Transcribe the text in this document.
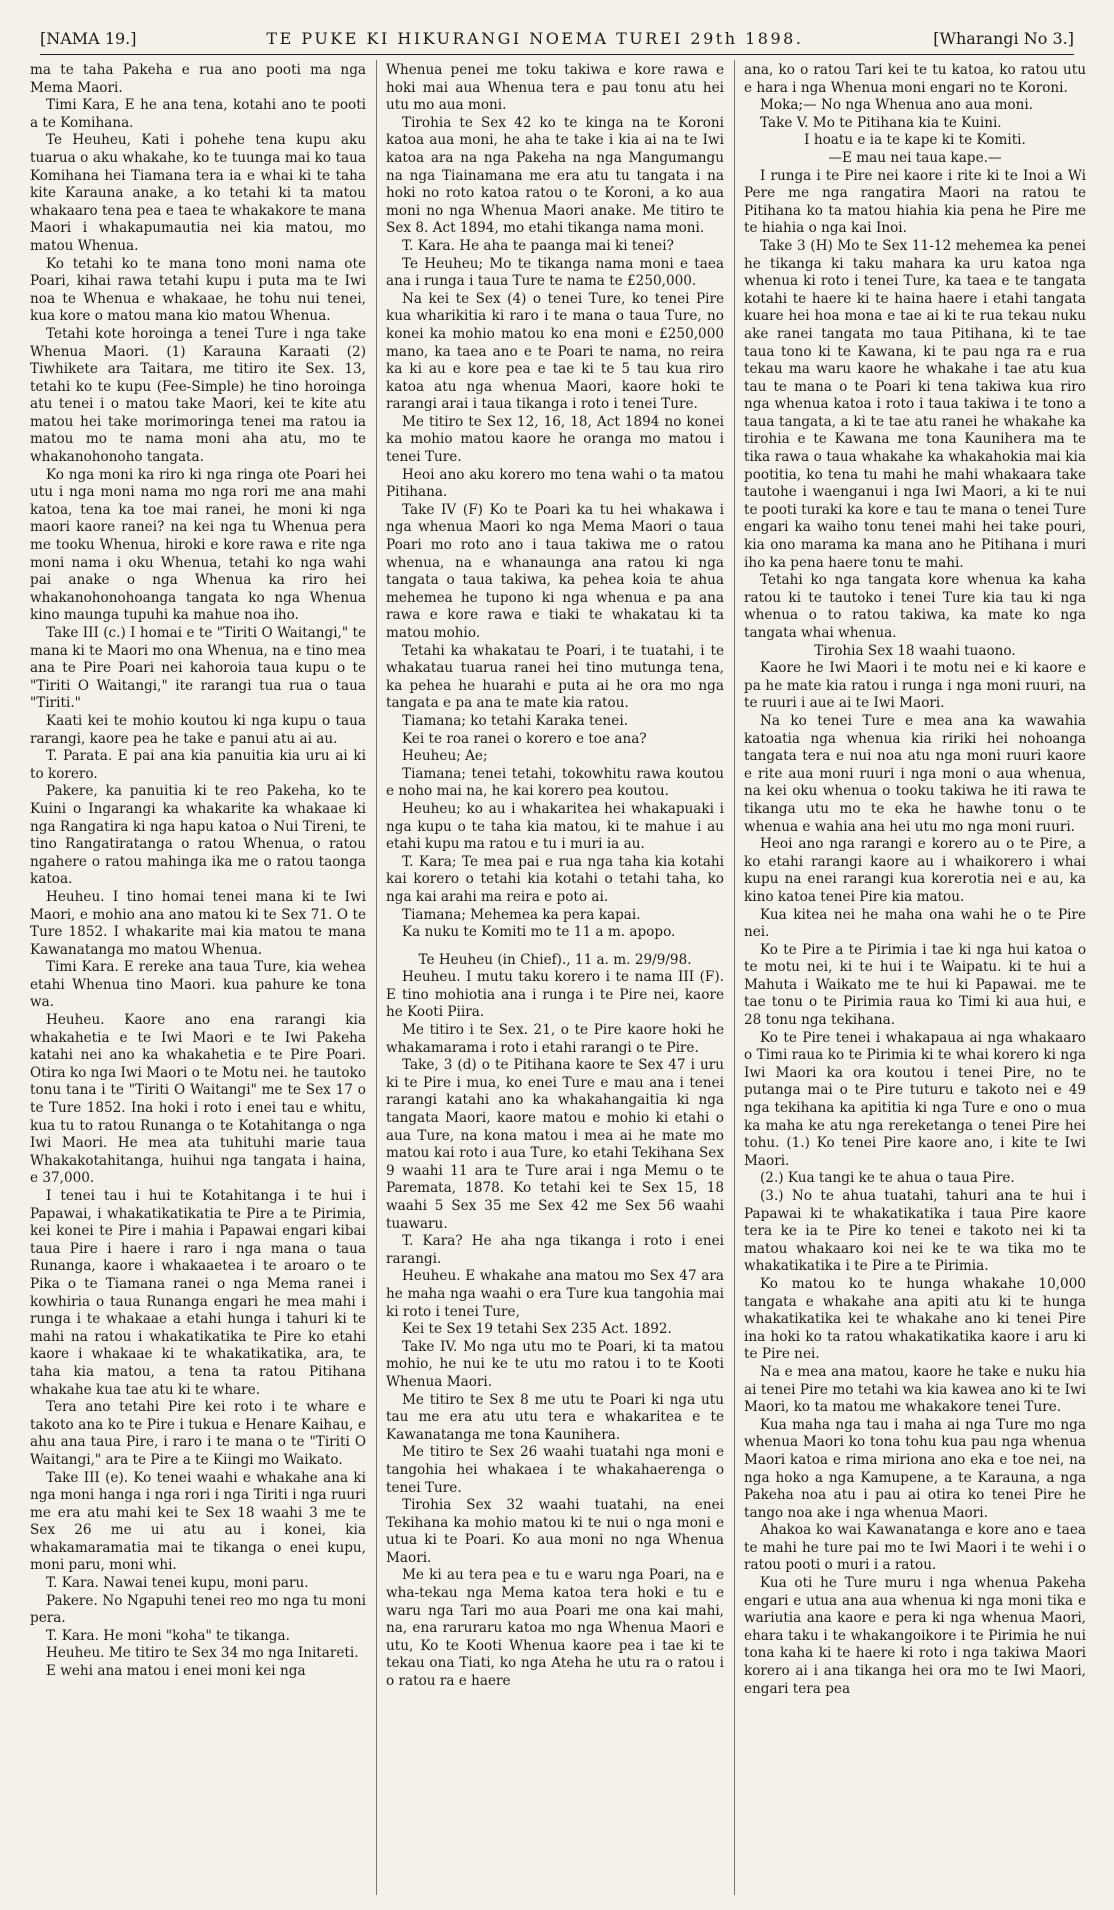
[NAMA 19.]	TE PUKE KI HIKURANGI NOEMA TUREI 29th 1898.	[Wharangi No 3.]

ma te taha Pakeha e rua ano pooti ma nga Mema Maori.

Timi Kara, E he ana tena, kotahi ano te pooti a te Komihana.

Te Heuheu, Kati i pohehe tena kupu aku tuarua o aku whakahe, ko te tuunga mai ko taua Komihana hei Tiamana tera ia e whai ki te taha kite Karauna anake, a ko tetahi ki ta matou whakaaro tena pea e taea te whakakore te mana Maori i whakapumautia nei kia matou, mo matou Whenua.

Ko tetahi ko te mana tono moni nama ote Poari, kihai rawa tetahi kupu i puta ma te Iwi noa te Whenua e whakaae, he tohu nui tenei, kua kore o matou mana kio matou Whenua.

Tetahi kote horoinga a tenei Ture i nga take Whenua Maori. (1) Karauna Karaati (2) Tiwhikete ara Taitara, me titiro ite Sex. 13, tetahi ko te kupu (Fee-Simple) he tino horoinga atu tenei i o matou take Maori, kei te kite atu matou hei take morimoringa tenei ma ratou ia matou mo te nama moni aha atu, mo te whakanohonoho tangata.

Ko nga moni ka riro ki nga ringa ote Poari hei utu i nga moni nama mo nga rori me ana mahi katoa, tena ka toe mai ranei, he moni ki nga maori kaore ranei? na kei nga tu Whenua pera me tooku Whenua, hiroki e kore rawa e rite nga moni nama i oku Whenua, tetahi ko nga wahi pai anake o nga Whenua ka riro hei whakanohonohoanga tangata ko nga Whenua kino maunga tupuhi ka mahue noa iho.

Take III (c.) I homai e te "Tiriti O Waitangi," te mana ki te Maori mo ona Whenua, na e tino mea ana te Pire Poari nei kahoroia taua kupu o te "Tiriti O Waitangi," ite rarangi tua rua o taua "Tiriti."

Kaati kei te mohio koutou ki nga kupu o taua rarangi, kaore pea he take e panui atu ai au.

T. Parata. E pai ana kia panuitia kia uru ai ki to korero.

Pakere, ka panuitia ki te reo Pakeha, ko te Kuini o Ingarangi ka whakarite ka whakaae ki nga Rangatira ki nga hapu katoa o Nui Tireni, te tino Rangatiratanga o ratou Whenua, o ratou ngahere o ratou mahinga ika me o ratou taonga katoa.

Heuheu. I tino homai tenei mana ki te Iwi Maori, e mohio ana ano matou ki te Sex 71. O te Ture 1852. I whakarite mai kia matou te mana Kawanatanga mo matou Whenua.

Timi Kara. E rereke ana taua Ture, kia wehea etahi Whenua tino Maori. kua pahure ke tona wa.

Heuheu. Kaore ano ena rarangi kia whakahetia e te Iwi Maori e te Iwi Pakeha katahi nei ano ka whakahetia e te Pire Poari. Otira ko nga Iwi Maori o te Motu nei. he tautoko tonu tana i te "Tiriti O Waitangi" me te Sex 17 o te Ture 1852. Ina hoki i roto i enei tau e whitu, kua tu to ratou Runanga o te Kotahitanga o nga Iwi Maori. He mea ata tuhituhi marie taua Whakakotahitanga, huihui nga tangata i haina, e 37,000.

I tenei tau i hui te Kotahitanga i te hui i Papawai, i whakatikatikatia te Pire a te Pirimia, kei konei te Pire i mahia i Papawai engari kibai taua Pire i haere i raro i nga mana o taua Runanga, kaore i whakaaetea i te aroaro o te Pika o te Tiamana ranei o nga Mema ranei i kowhiria o taua Runanga engari he mea mahi i runga i te whakaae a etahi hunga i tahuri ki te mahi na ratou i whakatikatika te Pire ko etahi kaore i whakaae ki te whakatikatika, ara, te taha kia matou, a tena ta ratou Pitihana whakahe kua tae atu ki te whare.

Tera ano tetahi Pire kei roto i te whare e takoto ana ko te Pire i tukua e Henare Kaihau, e ahu ana taua Pire, i raro i te mana o te "Tiriti O Waitangi," ara te Pire a te Kiingi mo Waikato.

Take III (e). Ko tenei waahi e whakahe ana ki nga moni hanga i nga rori i nga Tiriti i nga ruuri me era atu mahi kei te Sex 18 waahi 3 me te Sex 26 me ui atu au i konei, kia whakamaramatia mai te tikanga o enei kupu, moni paru, moni whi.

T. Kara. Nawai tenei kupu, moni paru.

Pakere. No Ngapuhi tenei reo mo nga tu moni pera.

T. Kara. He moni "koha" te tikanga.

Heuheu. Me titiro te Sex 34 mo nga Initareti.

E wehi ana matou i enei moni kei nga

Whenua penei me toku takiwa e kore rawa e hoki mai aua Whenua tera e pau tonu atu hei utu mo aua moni.

Tirohia te Sex 42 ko te kinga na te Koroni katoa aua moni, he aha te take i kia ai na te Iwi katoa ara na nga Pakeha na nga Mangumangu na nga Tiainamana me era atu tu tangata i na hoki no roto katoa ratou o te Koroni, a ko aua moni no nga Whenua Maori anake. Me titiro te Sex 8. Act 1894, mo etahi tikanga nama moni.

T. Kara. He aha te paanga mai ki tenei?

Te Heuheu; Mo te tikanga nama moni e taea ana i runga i taua Ture te nama te £250,000.

Na kei te Sex (4) o tenei Ture, ko tenei Pire kua wharikitia ki raro i te mana o taua Ture, no konei ka mohio matou ko ena moni e £250,000 mano, ka taea ano e te Poari te nama, no reira ka ki au e kore pea e tae ki te 5 tau kua riro katoa atu nga whenua Maori, kaore hoki te rarangi arai i taua tikanga i roto i tenei Ture.

Me titiro te Sex 12, 16, 18, Act 1894 no konei ka mohio matou kaore he oranga mo matou i tenei Ture.

Heoi ano aku korero mo tena wahi o ta matou Pitihana.

Take IV (F) Ko te Poari ka tu hei whakawa i nga whenua Maori ko nga Mema Maori o taua Poari mo roto ano i taua takiwa me o ratou whenua, na e whanaunga ana ratou ki nga tangata o taua takiwa, ka pehea koia te ahua mehemea he tupono ki nga whenua e pa ana rawa e kore rawa e tiaki te whakatau ki ta matou mohio.

Tetahi ka whakatau te Poari, i te tuatahi, i te whakatau tuarua ranei hei tino mutunga tena, ka pehea he huarahi e puta ai he ora mo nga tangata e pa ana te mate kia ratou.

Tiamana; ko tetahi Karaka tenei.

Kei te roa ranei o korero e toe ana?

Heuheu; Ae;

Tiamana; tenei tetahi, tokowhitu rawa koutou e noho mai na, he kai korero pea koutou.

Heuheu; ko au i whakaritea hei whakapuaki i nga kupu o te taha kia matou, ki te mahue i au etahi kupu ma ratou e tu i muri ia au.

T. Kara; Te mea pai e rua nga taha kia kotahi kai korero o tetahi kia kotahi o tetahi taha, ko nga kai arahi ma reira e poto ai.

Tiamana; Mehemea ka pera kapai.

Ka nuku te Komiti mo te 11 a m. apopo.

Te Heuheu (in Chief)., 11 a. m. 29/9/98.

Heuheu. I mutu taku korero i te nama III (F). E tino mohiotia ana i runga i te Pire nei, kaore he Kooti Piira.

Me titiro i te Sex. 21, o te Pire kaore hoki he whakamarama i roto i etahi rarangi o te Pire.

Take, 3 (d) o te Pitihana kaore te Sex 47 i uru ki te Pire i mua, ko enei Ture e mau ana i tenei rarangi katahi ano ka whakahangaitia ki nga tangata Maori, kaore matou e mohio ki etahi o aua Ture, na kona matou i mea ai he mate mo matou kai roto i aua Ture, ko etahi Tekihana Sex 9 waahi 11 ara te Ture arai i nga Memu o te Paremata, 1878. Ko tetahi kei te Sex 15, 18 waahi 5 Sex 35 me Sex 42 me Sex 56 waahi tuawaru.

T. Kara? He aha nga tikanga i roto i enei rarangi.

Heuheu. E whakahe ana matou mo Sex 47 ara he maha nga waahi o era Ture kua tangohia mai ki roto i tenei Ture,

Kei te Sex 19 tetahi Sex 235 Act. 1892.

Take IV. Mo nga utu mo te Poari, ki ta matou mohio, he nui ke te utu mo ratou i to te Kooti Whenua Maori.

Me titiro te Sex 8 me utu te Poari ki nga utu tau me era atu utu tera e whakaritea e te Kawanatanga me tona Kaunihera.

Me titiro te Sex 26 waahi tuatahi nga moni e tangohia hei whakaea i te whakahaerenga o tenei Ture.

Tirohia Sex 32 waahi tuatahi, na enei Tekihana ka mohio matou ki te nui o nga moni e utua ki te Poari. Ko aua moni no nga Whenua Maori.

Me ki au tera pea e tu e waru nga Poari, na e wha-tekau nga Mema katoa tera hoki e tu e waru nga Tari mo aua Poari me ona kai mahi, na, ena raruraru katoa mo nga Whenua Maori e utu, Ko te Kooti Whenua kaore pea i tae ki te tekau ona Tiati, ko nga Ateha he utu ra o ratou i o ratou ra e haere

ana, ko o ratou Tari kei te tu katoa, ko ratou utu e hara i nga Whenua moni engari no te Koroni.

Moka;— No nga Whenua ano aua moni.

Take V. Mo te Pitihana kia te Kuini.

I hoatu e ia te kape ki te Komiti.

—E mau nei taua kape.—

I runga i te Pire nei kaore i rite ki te Inoi a Wi Pere me nga rangatira Maori na ratou te Pitihana ko ta matou hiahia kia pena he Pire me te hiahia o nga kai Inoi.

Take 3 (H) Mo te Sex 11-12 mehemea ka penei he tikanga ki taku mahara ka uru katoa nga whenua ki roto i tenei Ture, ka taea e te tangata kotahi te haere ki te haina haere i etahi tangata kuare hei hoa mona e tae ai ki te rua tekau nuku ake ranei tangata mo taua Pitihana, ki te tae taua tono ki te Kawana, ki te pau nga ra e rua tekau ma waru kaore he whakahe i tae atu kua tau te mana o te Poari ki tena takiwa kua riro nga whenua katoa i roto i taua takiwa i te tono a taua tangata, a ki te tae atu ranei he whakahe ka tirohia e te Kawana me tona Kaunihera ma te tika rawa o taua whakahe ka whakahokia mai kia pootitia, ko tena tu mahi he mahi whakaara take tautohe i waenganui i nga Iwi Maori, a ki te nui te pooti turaki ka kore e tau te mana o tenei Ture engari ka waiho tonu tenei mahi hei take pouri, kia ono marama ka mana ano he Pitihana i muri iho ka pena haere tonu te mahi.

Tetahi ko nga tangata kore whenua ka kaha ratou ki te tautoko i tenei Ture kia tau ki nga whenua o to ratou takiwa, ka mate ko nga tangata whai whenua.

Tirohia Sex 18 waahi tuaono.

Kaore he Iwi Maori i te motu nei e ki kaore e pa he mate kia ratou i runga i nga moni ruuri, na te ruuri i aue ai te Iwi Maori.

Na ko tenei Ture e mea ana ka wawahia katoatia nga whenua kia ririki hei nohoanga tangata tera e nui noa atu nga moni ruuri kaore e rite aua moni ruuri i nga moni o aua whenua, na kei oku whenua o tooku takiwa he iti rawa te tikanga utu mo te eka he hawhe tonu o te whenua e wahia ana hei utu mo nga moni ruuri.

Heoi ano nga rarangi e korero au o te Pire, a ko etahi rarangi kaore au i whaikorero i whai kupu na enei rarangi kua korerotia nei e au, ka kino katoa tenei Pire kia matou.

Kua kitea nei he maha ona wahi he o te Pire nei.

Ko te Pire a te Pirimia i tae ki nga hui katoa o te motu nei, ki te hui i te Waipatu. ki te hui a Mahuta i Waikato me te hui ki Papawai. me te tae tonu o te Pirimia raua ko Timi ki aua hui, e 28 tonu nga tekihana.

Ko te Pire tenei i whakapaua ai nga whakaaro o Timi raua ko te Pirimia ki te whai korero ki nga Iwi Maori ka ora koutou i tenei Pire, no te putanga mai o te Pire tuturu e takoto nei e 49 nga tekihana ka apititia ki nga Ture e ono o mua ka maha ke atu nga rereketanga o tenei Pire hei tohu. (1.) Ko tenei Pire kaore ano, i kite te Iwi Maori.

(2.) Kua tangi ke te ahua o taua Pire.

(3.) No te ahua tuatahi, tahuri ana te hui i Papawai ki te whakatikatika i taua Pire kaore tera ke ia te Pire ko tenei e takoto nei ki ta matou whakaaro koi nei ke te wa tika mo te whakatikatika i te Pire a te Pirimia.

Ko matou ko te hunga whakahe 10,000 tangata e whakahe ana apiti atu ki te hunga whakatikatika kei te whakahe ano ki tenei Pire ina hoki ko ta ratou whakatikatika kaore i aru ki te Pire nei.

Na e mea ana matou, kaore he take e nuku hia ai tenei Pire mo tetahi wa kia kawea ano ki te Iwi Maori, ko ta matou me whakakore tenei Ture.

Kua maha nga tau i maha ai nga Ture mo nga whenua Maori ko tona tohu kua pau nga whenua Maori katoa e rima miriona ano eka e toe nei, na nga hoko a nga Kamupene, a te Karauna, a nga Pakeha noa atu i pau ai otira ko tenei Pire he tango noa ake i nga whenua Maori.

Ahakoa ko wai Kawanatanga e kore ano e taea te mahi he ture pai mo te Iwi Maori i te wehi i o ratou pooti o muri i a ratou.

Kua oti he Ture muru i nga whenua Pakeha engari e utua ana aua whenua ki nga moni tika e wariutia ana kaore e pera ki nga whenua Maori, ehara taku i te whakangoikore i te Pirimia he nui tona kaha ki te haere ki roto i nga takiwa Maori korero ai i ana tikanga hei ora mo te Iwi Maori, engari tera pea
